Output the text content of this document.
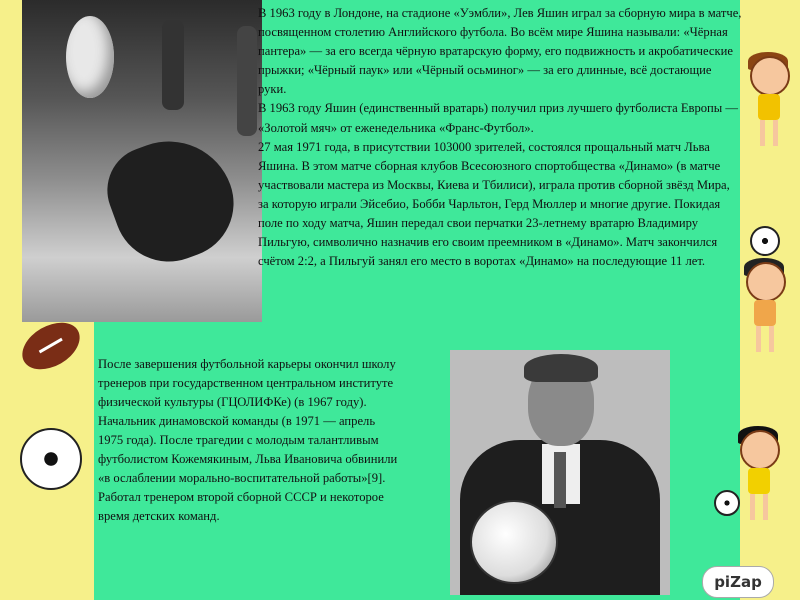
В 1963 году в Лондоне, на стадионе «Уэмбли», Лев Яшин играл за сборную мира в матче, посвященном столетию Английского футбола. Во всём мире Яшина называли: «Чёрная пантера» — за его всегда чёрную вратарскую форму, его подвижность и акробатические прыжки; «Чёрный паук» или «Чёрный осьминог» — за его длинные, всё достающие руки.

В 1963 году Яшин (единственный вратарь) получил приз лучшего футболиста Европы — «Золотой мяч» от еженедельника «Франс-Футбол».

27 мая 1971 года, в присутствии 103000 зрителей, состоялся прощальный матч Льва Яшина. В этом матче сборная клубов Всесоюзного спортобщества «Динамо» (в матче участвовали мастера из Москвы, Киева и Тбилиси), играла против сборной звёзд Мира, за которую играли Эйсебио, Бобби Чарльтон, Герд Мюллер и многие другие. Покидая поле по ходу матча, Яшин передал свои перчатки 23-летнему вратарю Владимиру Пильгую, символично назначив его своим преемником в «Динамо». Матч закончился счётом 2:2, а Пильгуй занял его место в воротах «Динамо» на последующие 11 лет.

После завершения футбольной карьеры окончил школу тренеров при государственном центральном институте физической культуры (ГЦОЛИФКе) (в 1967 году). Начальник динамовской команды (в 1971 — апрель 1975 года). После трагедии с молодым талантливым футболистом Кожемякиным, Льва Ивановича обвинили «в ослаблении морально-воспитательной работы»[9]. Работал тренером второй сборной СССР и некоторое время детских команд.
piZap
